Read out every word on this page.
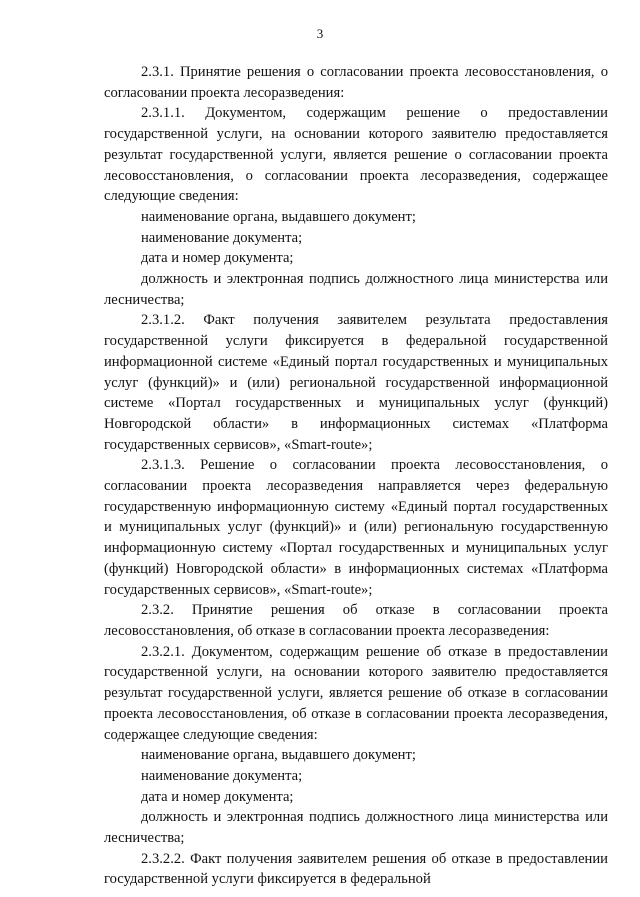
3

2.3.1. Принятие решения о согласовании проекта лесовосстановления, о согласовании проекта лесоразведения:

2.3.1.1. Документом, содержащим решение о предоставлении государственной услуги, на основании которого заявителю предоставляется результат государственной услуги, является решение о согласовании проекта лесовосстановления, о согласовании проекта лесоразведения, содержащее следующие сведения:

наименование органа, выдавшего документ;

наименование документа;

дата и номер документа;

должность и электронная подпись должностного лица министерства или лесничества;

2.3.1.2. Факт получения заявителем результата предоставления государственной услуги фиксируется в федеральной государственной информационной системе «Единый портал государственных и муниципальных услуг (функций)» и (или) региональной государственной информационной системе «Портал государственных и муниципальных услуг (функций) Новгородской области» в информационных системах «Платформа государственных сервисов», «Smart-route»;

2.3.1.3. Решение о согласовании проекта лесовосстановления, о согласовании проекта лесоразведения направляется через федеральную государственную информационную систему «Единый портал государственных и муниципальных услуг (функций)» и (или) региональную государственную информационную систему «Портал государственных и муниципальных услуг (функций) Новгородской области» в информационных системах «Платформа государственных сервисов», «Smart-route»;

2.3.2. Принятие решения об отказе в согласовании проекта лесовосстановления, об отказе в согласовании проекта лесоразведения:

2.3.2.1. Документом, содержащим решение об отказе в предоставлении государственной услуги, на основании которого заявителю предоставляется результат государственной услуги, является решение об отказе в согласовании проекта лесовосстановления, об отказе в согласовании проекта лесоразведения, содержащее следующие сведения:

наименование органа, выдавшего документ;

наименование документа;

дата и номер документа;

должность и электронная подпись должностного лица министерства или лесничества;

2.3.2.2. Факт получения заявителем решения об отказе в предоставлении государственной услуги фиксируется в федеральной
